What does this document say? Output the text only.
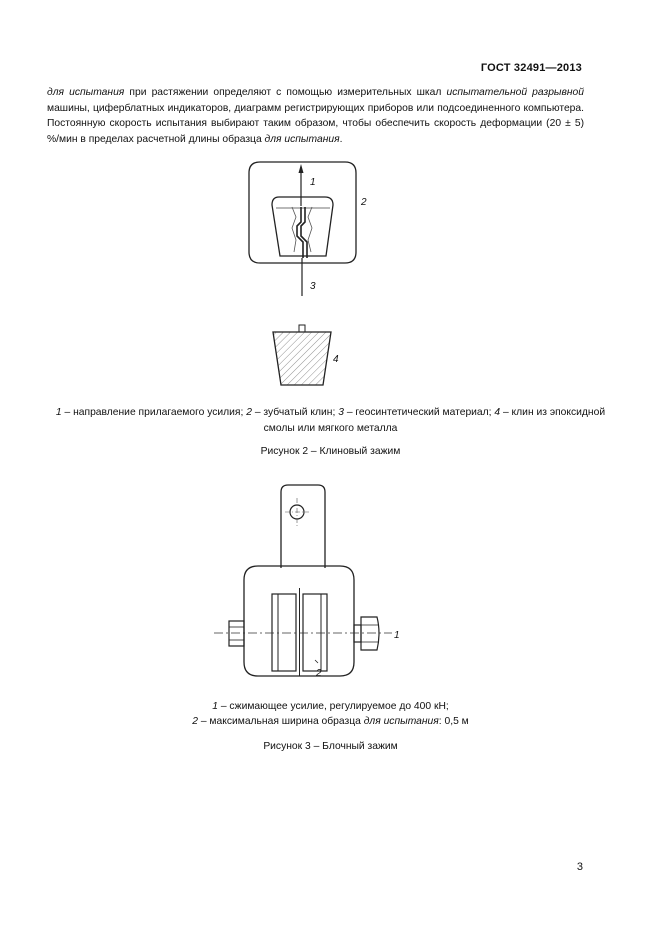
ГОСТ 32491—2013

для испытания при растяжении определяют с помощью измерительных шкал испытательной разрывной машины, циферблатных индикаторов, диаграмм регистрирующих приборов или подсоединенного компьютера. Постоянную скорость испытания выбирают таким образом, чтобы обеспечить скорость деформации (20 ± 5) %/мин в пределах расчетной длины образца для испытания.

1
2
3
4
1 – направление прилагаемого усилия; 2 – зубчатый клин; 3 – геосинтетический материал; 4 – клин из эпоксидной смолы или мягкого металла
Рисунок 2 – Клиновый зажим
1
2
1 – сжимающее усилие, регулируемое до 400 кН;
2 – максимальная ширина образца для испытания: 0,5 м
Рисунок 3 – Блочный зажим
3
